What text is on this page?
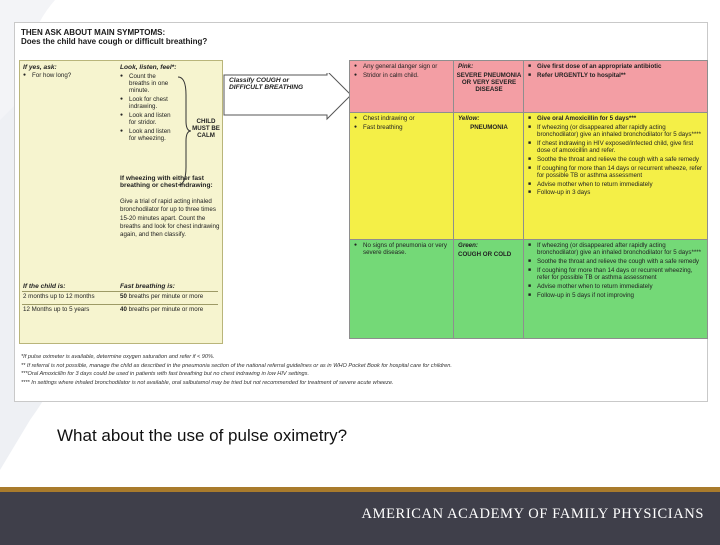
THEN ASK ABOUT MAIN SYMPTOMS:
Does the child have cough or difficult breathing?
If yes, ask:
● For how long?
Look, listen, feel*:
● Count the breaths in one minute.
● Look for chest indrawing.
● Look and listen for stridor.
● Look and listen for wheezing.
CHILD MUST BE CALM
If wheezing with either fast breathing or chest indrawing:
Give a trial of rapid acting inhaled bronchodilator for up to three times 15-20 minutes apart. Count the breaths and look for chest indrawing again, and then classify.
If the child is:	Fast breathing is:
2 months up to 12 months	50 breaths per minute or more
12 Months up to 5 years	40 breaths per minute or more
Classify COUGH or DIFFICULT BREATHING
● Any general danger sign or
● Stridor in calm child.
Pink:
SEVERE PNEUMONIA OR VERY SEVERE DISEASE
■ Give first dose of an appropriate antibiotic
■ Refer URGENTLY to hospital**
● Chest indrawing or
● Fast breathing
Yellow:
PNEUMONIA
■ Give oral Amoxicillin for 5 days***
■ If wheezing (or disappeared after rapidly acting bronchodilator) give an inhaled bronchodilator for 5 days****
■ If chest indrawing in HIV exposed/infected child, give first dose of amoxicillin and refer.
■ Soothe the throat and relieve the cough with a safe remedy
■ If coughing for more than 14 days or recurrent wheeze, refer for possible TB or asthma assessment
■ Advise mother when to return immediately
■ Follow-up in 3 days
● No signs of pneumonia or very severe disease.
Green:
COUGH OR COLD
■ If wheezing (or disappeared after rapidly acting bronchodilator) give an inhaled bronchodilator for 5 days****
■ Soothe the throat and relieve the cough with a safe remedy
■ If coughing for more than 14 days or recurrent wheezing, refer for possible TB or asthma assessment
■ Advise mother when to return immediately
■ Follow-up in 5 days if not improving
*If pulse oximeter is available, determine oxygen saturation and refer if < 90%.
** If referral is not possible, manage the child as described in the pneumonia section of the national referral guidelines or as in WHO Pocket Book for hospital care for children.
***Oral Amoxicillin for 3 days could be used in patients with fast breathing but no chest indrawing in low HIV settings.
**** In settings where inhaled bronchodilator is not available, oral salbutamol may be tried but not recommended for treatment of severe acute wheeze.
What about the use of pulse oximetry?
AMERICAN ACADEMY OF FAMILY PHYSICIANS
